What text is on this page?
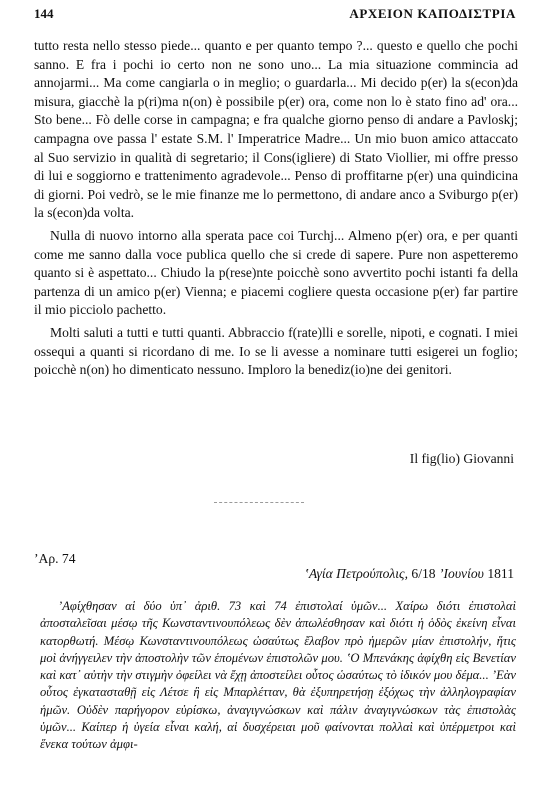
144	ΑΡΧΕΙΟΝ ΚΑΠΟΔΙΣΤΡΙΑ

tutto resta nello stesso piede... quanto e per quanto tempo ?... questo e quello che pochi sanno. E fra i pochi io certo non ne sono uno... La mia situazione commincia ad annojarmi... Ma come cangiarla o in meglio; o guardarla... Mi decido p(er) la s(econ)da misura, giacchè la p(ri)ma n(on) è possibile p(er) ora, come non lo è stato fino ad' ora... Sto bene... Fò delle corse in campagna; e fra qualche giorno penso di andare a Pavloskj; campagna ove passa l' estate S.M. l' Imperatrice Madre... Un mio buon amico attaccato al Suo servizio in qualità di segretario; il Cons(igliere) di Stato Viollier, mi offre presso di lui e soggiorno e trattenimento agradevole... Penso di proffitarne p(er) una quindicina di giorni. Poi vedrò, se le mie finanze me lo permettono, di andare anco a Sviburgo p(er) la s(econ)da volta.

Nulla di nuovo intorno alla sperata pace coi Turchj... Almeno p(er) ora, e per quanti come me sanno dalla voce publica quello che si crede di sapere. Pure non aspetteremo quanto si è aspettato... Chiudo la p(rese)nte poicchè sono avvertito pochi istanti fa della partenza di un amico p(er) Vienna; e piacemi cogliere questa occasione p(er) far partire il mio picciolo pachetto.

Molti saluti a tutti e tutti quanti. Abbraccio f(rate)lli e sorelle, nipoti, e cognati. I miei ossequi a quanti si ricordano di me. Io se li avesse a nominare tutti esigerei un foglio; poicchè n(on) ho dimenticato nessuno. Imploro la benediz(io)ne dei genitori.

Il fig(lio) Giovanni
ʼΑρ. 74
ʽΑγία Πετρούπολις, 6/18 ʼΙουνίου 1811

ʼΑφίχθησαν αἱ δύο ὑπ᾽ ἀριθ. 73 καὶ 74 ἐπιστολαί ὑμῶν... Χαίρω διότι ἐπιστολαὶ ἀποσταλεῖσαι μέσῳ τῆς Κωνσταντινουπόλεως δὲν ἀπωλέσθησαν καὶ διότι ἡ ὁδὸς ἐκείνη εἶναι κατορθωτή. Μέσῳ Κωνσταντινουπόλεως ὡσαύτως ἔλαβον πρὸ ἡμερῶν μίαν ἐπιστολήν, ἥτις μοὶ ἀνήγγειλεν τὴν ἀποστολὴν τῶν ἑπομένων ἐπιστολῶν μου. ʽΟ Μπενάκης ἀφίχθη εἰς Βενετίαν καὶ κατ᾽ αὐτὴν τὴν στιγμὴν ὀφείλει νὰ ἔχῃ ἀποστείλει οὗτος ὡσαύτως τὸ ἰδικόν μου δέμα... ʼΕὰν οὗτος ἐγκατασταθῇ εἰς Λέτσε ἢ εἰς Μπαρλέτταν, θὰ ἐξυπηρετήσῃ ἐξόχως τὴν ἀλληλογραφίαν ἡμῶν. Οὐδὲν παρήγορον εὑρίσκω, ἀναγιγνώσκων καὶ πάλιν ἀναγιγνώσκων τὰς ἐπιστολὰς ὑμῶν... Καίπερ ἡ ὑγεία εἶναι καλή, αἱ δυσχέρειαι μοῦ φαίνονται πολλαὶ καὶ ὑπέρμετροι καὶ ἕνεκα τούτων ἀμφι-
